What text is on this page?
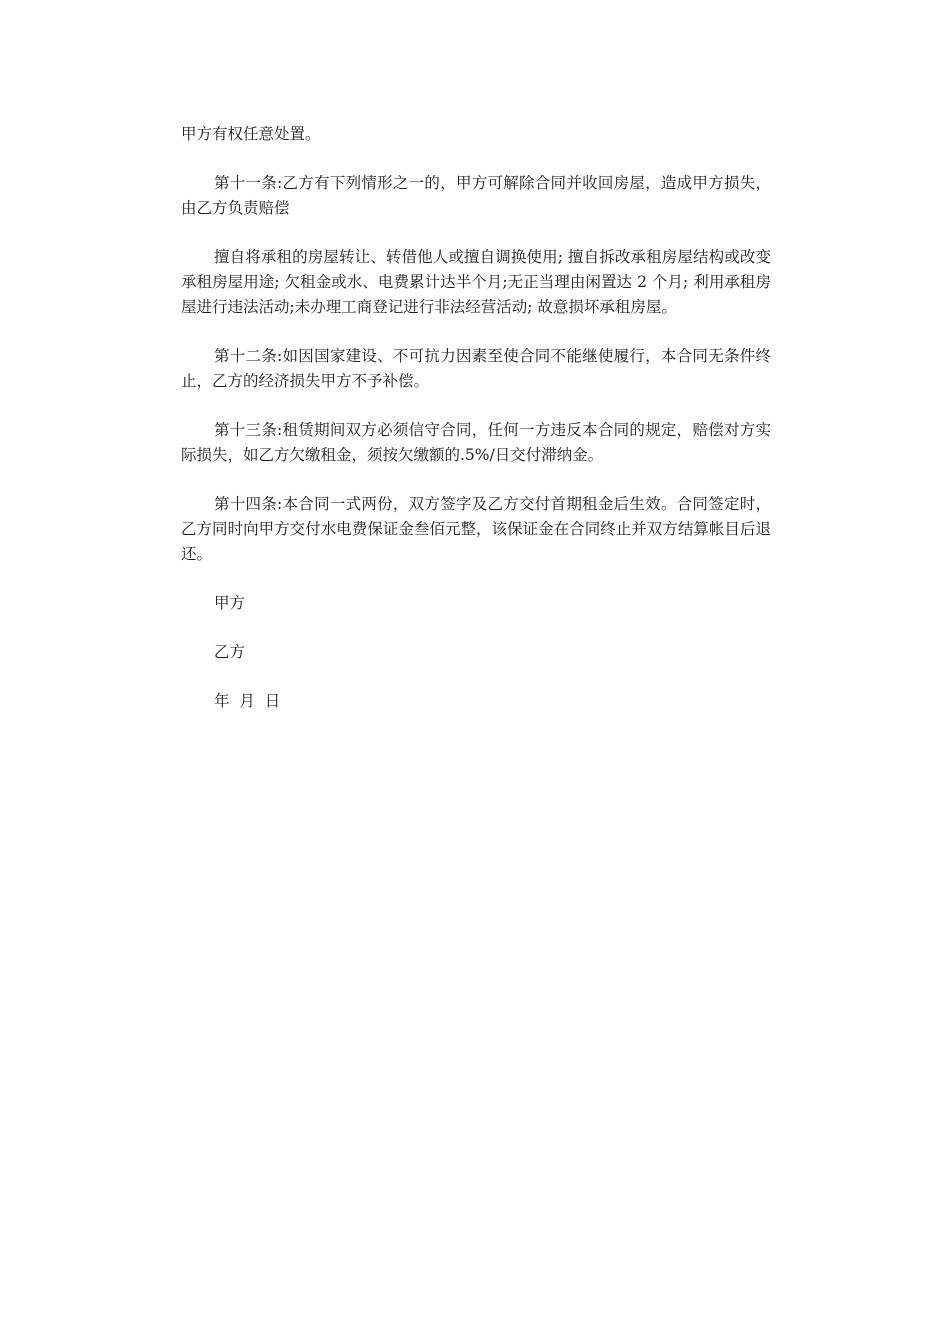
甲方有权任意处置。

第十一条:乙方有下列情形之一的，甲方可解除合同并收回房屋，造成甲方损失，由乙方负责赔偿

擅自将承租的房屋转让、转借他人或擅自调换使用; 擅自拆改承租房屋结构或改变承租房屋用途; 欠租金或水、电费累计达半个月;无正当理由闲置达 2 个月; 利用承租房屋进行违法活动;未办理工商登记进行非法经营活动; 故意损坏承租房屋。

第十二条:如因国家建设、不可抗力因素至使合同不能继使履行，本合同无条件终止，乙方的经济损失甲方不予补偿。

第十三条:租赁期间双方必须信守合同，任何一方违反本合同的规定，赔偿对方实际损失，如乙方欠缴租金，须按欠缴额的.5%/日交付滞纳金。

第十四条:本合同一式两份，双方签字及乙方交付首期租金后生效。合同签定时，乙方同时向甲方交付水电费保证金叁佰元整，该保证金在合同终止并双方结算帐目后退还。

甲方

乙方

年  月  日
